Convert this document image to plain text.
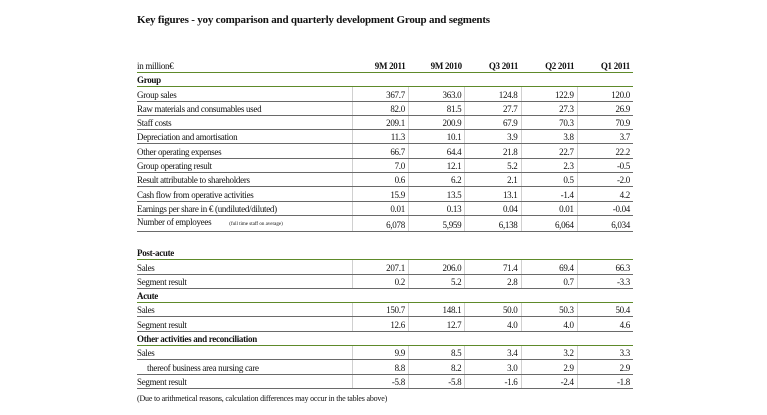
Key figures - yoy comparison and quarterly development Group and segments
in million€	9M 2011	9M 2010	Q3 2011	Q2 2011	Q1 2011
Group					
Group sales	367.7	363.0	124.8	122.9	120.0
Raw materials and consumables used	82.0	81.5	27.7	27.3	26.9
Staff costs	209.1	200.9	67.9	70.3	70.9
Depreciation and amortisation	11.3	10.1	3.9	3.8	3.7
Other operating expenses	66.7	64.4	21.8	22.7	22.2
Group operating result	7.0	12.1	5.2	2.3	-0.5
Result attributable to shareholders	0.6	6.2	2.1	0.5	-2.0
Cash flow from operative activities	15.9	13.5	13.1	-1.4	4.2
Earnings per share in € (undiluted/diluted)	0.01	0.13	0.04	0.01	-0.04
Number of employees (full time staff on average)	6,078	5,959	6,138	6,064	6,034

Post-acute					
Sales	207.1	206.0	71.4	69.4	66.3
Segment result	0.2	5.2	2.8	0.7	-3.3
Acute					
Sales	150.7	148.1	50.0	50.3	50.4
Segment result	12.6	12.7	4.0	4.0	4.6
Other activities and reconciliation					
Sales	9.9	8.5	3.4	3.2	3.3
thereof business area nursing care	8.8	8.2	3.0	2.9	2.9
Segment result	-5.8	-5.8	-1.6	-2.4	-1.8
(Due to arithmetical reasons, calculation differences may occur in the tables above)
